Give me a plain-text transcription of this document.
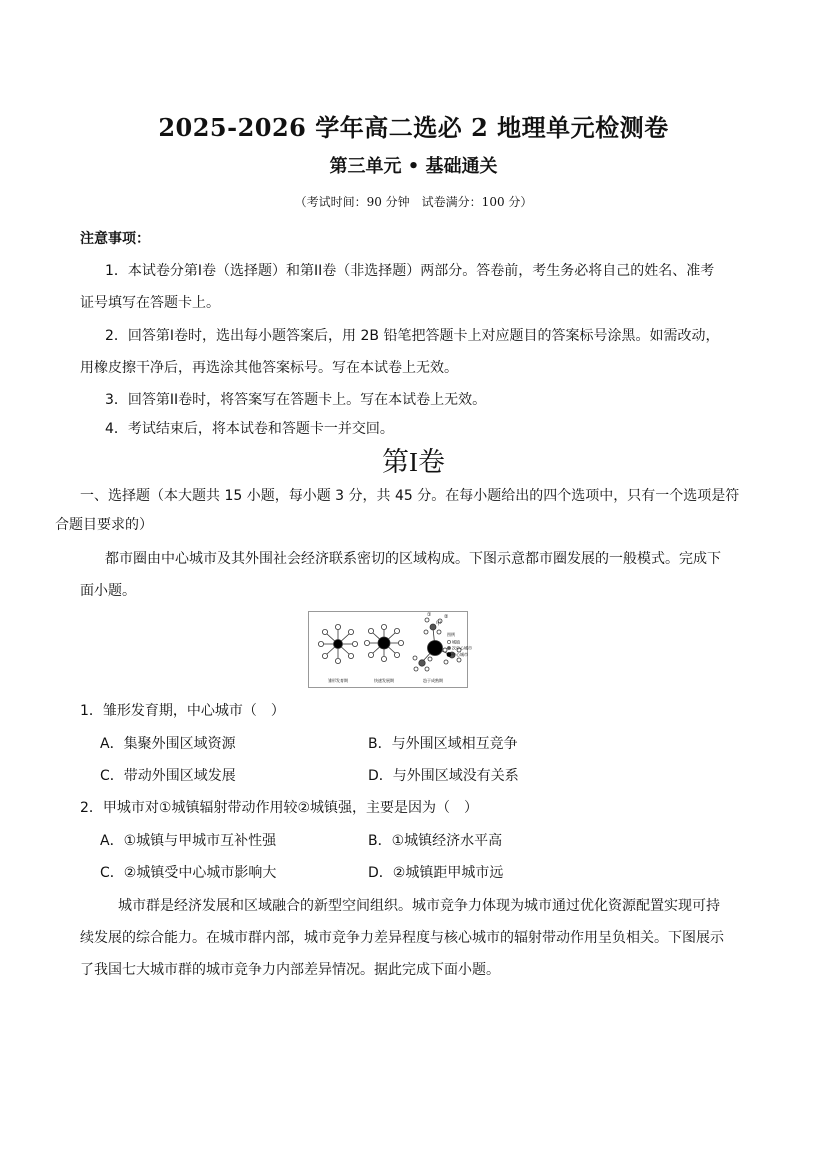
2025-2026 学年高二选必 2 地理单元检测卷
第三单元 • 基础通关
（考试时间：90 分钟　试卷满分：100 分）
注意事项：
1．本试卷分第I卷（选择题）和第II卷（非选择题）两部分。答卷前，考生务必将自己的姓名、准考
证号填写在答题卡上。
2．回答第I卷时，选出每小题答案后，用 2B 铅笔把答题卡上对应题目的答案标号涂黑。如需改动，
用橡皮擦干净后，再选涂其他答案标号。写在本试卷上无效。
3．回答第II卷时，将答案写在答题卡上。写在本试卷上无效。
4．考试结束后，将本试卷和答题卡一并交回。
第I卷
一、选择题（本大题共 15 小题，每小题 3 分，共 45 分。在每小题给出的四个选项中，只有一个选项是符
合题目要求的）
都市圈由中心城市及其外围社会经济联系密切的区域构成。下图示意都市圈发展的一般模式。完成下
面小题。
甲
①	②
图例
城镇
次中心城市
中心城市
雏形发育期	快速发展期	趋于成熟期
1．雏形发育期，中心城市（　）
A．集聚外围区域资源	B．与外围区域相互竞争
C．带动外围区域发展	D．与外围区域没有关系
2．甲城市对①城镇辐射带动作用较②城镇强，主要是因为（　）
A．①城镇与甲城市互补性强	B．①城镇经济水平高
C．②城镇受中心城市影响大	D．②城镇距甲城市远
城市群是经济发展和区域融合的新型空间组织。城市竞争力体现为城市通过优化资源配置实现可持
续发展的综合能力。在城市群内部，城市竞争力差异程度与核心城市的辐射带动作用呈负相关。下图展示
了我国七大城市群的城市竞争力内部差异情况。据此完成下面小题。
